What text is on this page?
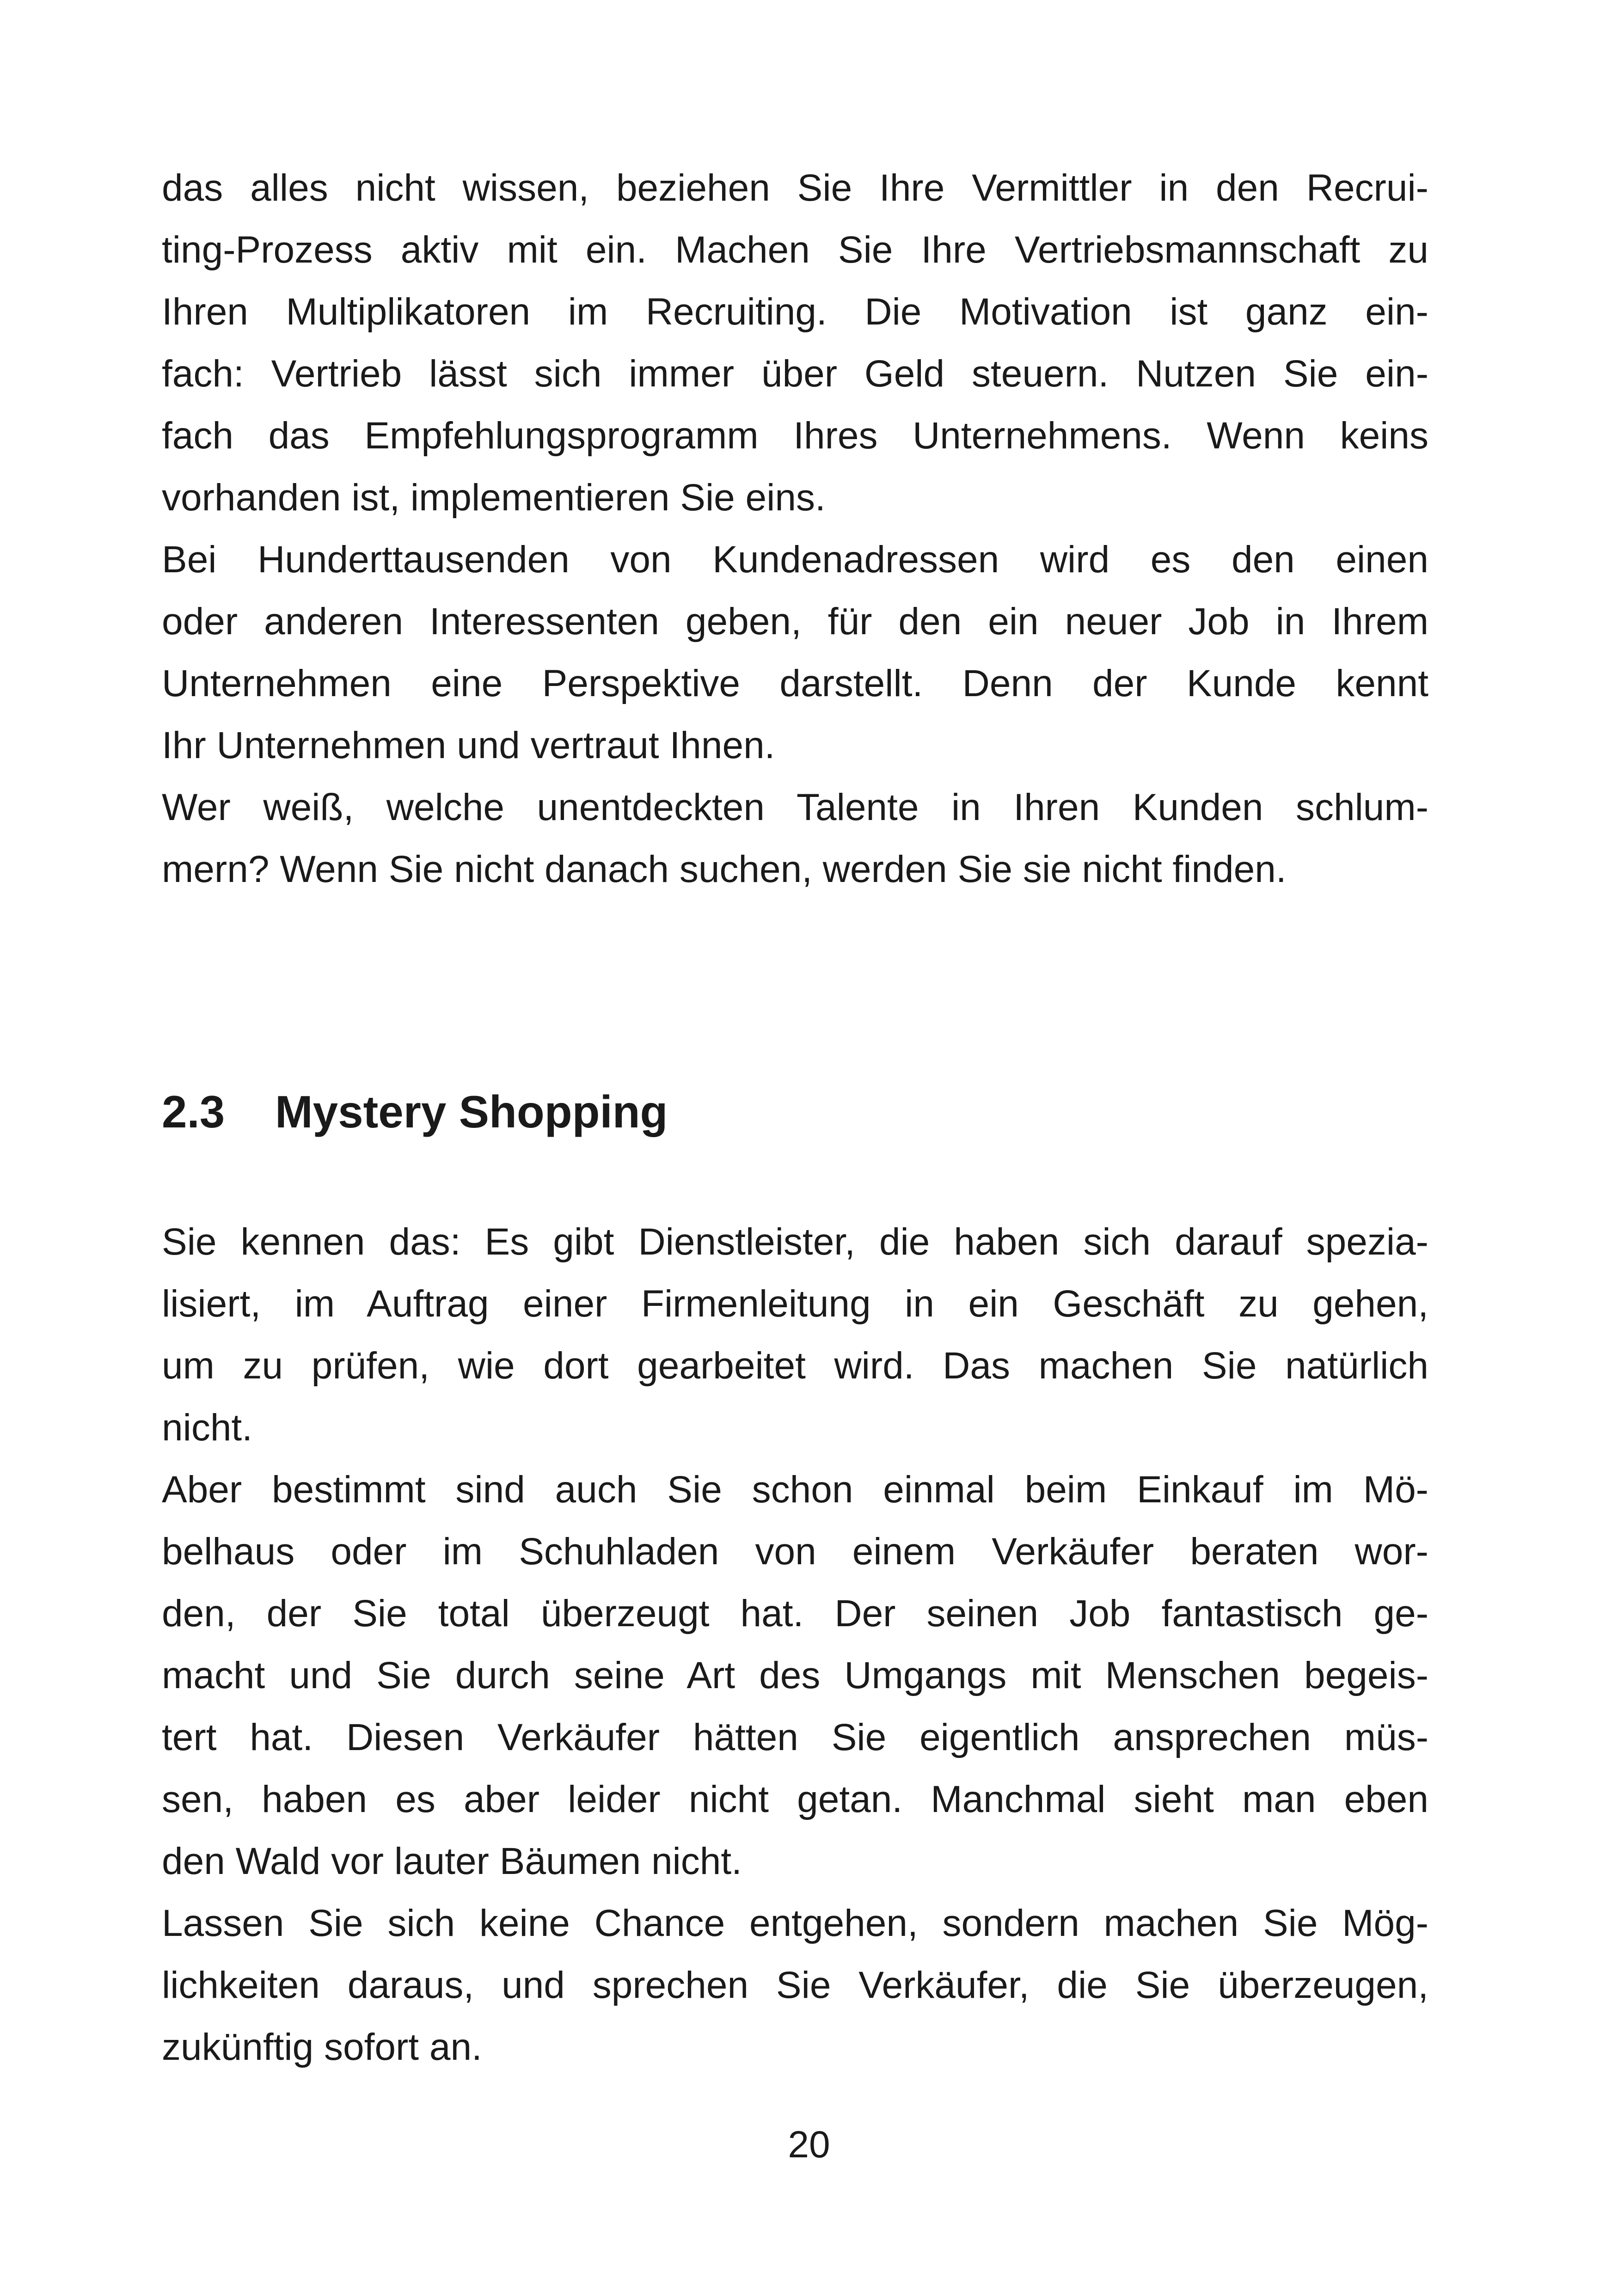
das alles nicht wissen, beziehen Sie Ihre Vermittler in den Recrui-
ting-Prozess aktiv mit ein. Machen Sie Ihre Vertriebsmannschaft zu
Ihren Multiplikatoren im Recruiting. Die Motivation ist ganz ein-
fach: Vertrieb lässt sich immer über Geld steuern. Nutzen Sie ein-
fach das Empfehlungsprogramm Ihres Unternehmens. Wenn keins
vorhanden ist, implementieren Sie eins.
Bei Hunderttausenden von Kundenadressen wird es den einen
oder anderen Interessenten geben, für den ein neuer Job in Ihrem
Unternehmen eine Perspektive darstellt. Denn der Kunde kennt
Ihr Unternehmen und vertraut Ihnen.
Wer weiß, welche unentdeckten Talente in Ihren Kunden schlum-
mern? Wenn Sie nicht danach suchen, werden Sie sie nicht finden.
2.3 Mystery Shopping
Sie kennen das: Es gibt Dienstleister, die haben sich darauf spezia-
lisiert, im Auftrag einer Firmenleitung in ein Geschäft zu gehen,
um zu prüfen, wie dort gearbeitet wird. Das machen Sie natürlich
nicht.
Aber bestimmt sind auch Sie schon einmal beim Einkauf im Mö-
belhaus oder im Schuhladen von einem Verkäufer beraten wor-
den, der Sie total überzeugt hat. Der seinen Job fantastisch ge-
macht und Sie durch seine Art des Umgangs mit Menschen begeis-
tert hat. Diesen Verkäufer hätten Sie eigentlich ansprechen müs-
sen, haben es aber leider nicht getan. Manchmal sieht man eben
den Wald vor lauter Bäumen nicht.
Lassen Sie sich keine Chance entgehen, sondern machen Sie Mög-
lichkeiten daraus, und sprechen Sie Verkäufer, die Sie überzeugen,
zukünftig sofort an.
20
